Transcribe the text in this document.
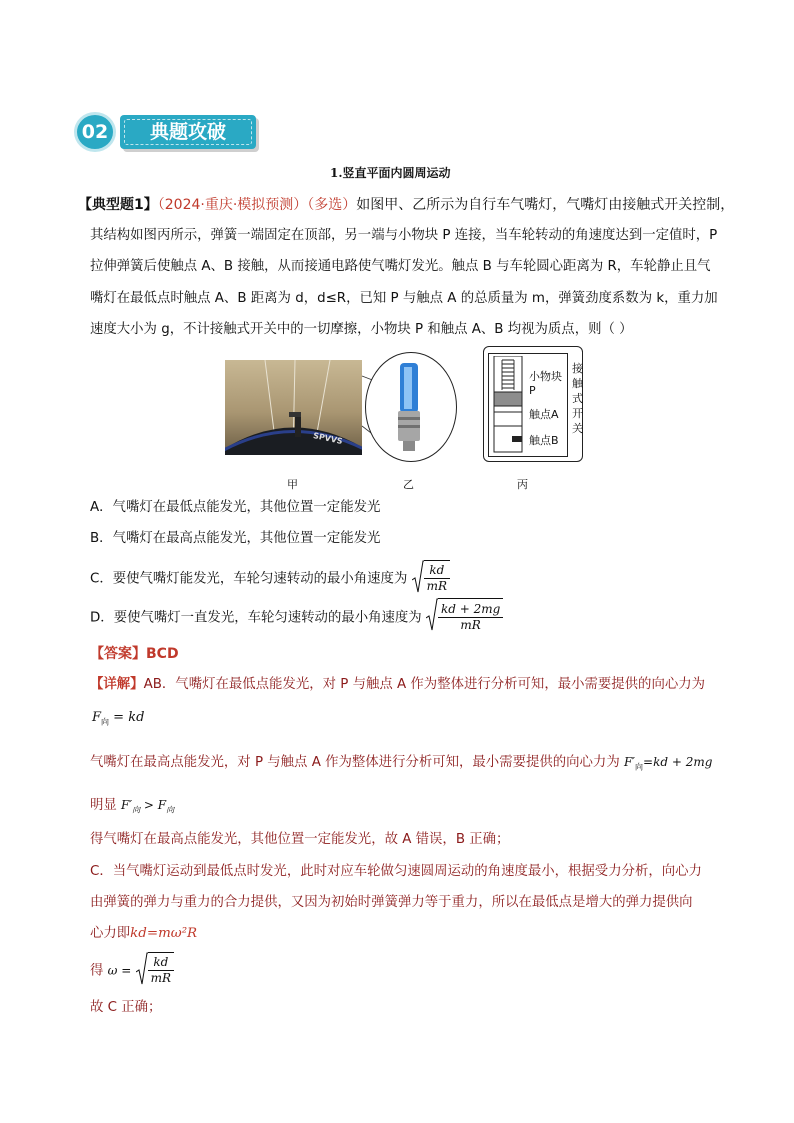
02	典题攻破
1.竖直平面内圆周运动
【典型题1】（2024·重庆·模拟预测）（多选）如图甲、乙所示为自行车气嘴灯，气嘴灯由接触式开关控制，
其结构如图丙所示，弹簧一端固定在顶部，另一端与小物块 P 连接，当车轮转动的角速度达到一定值时，P
拉伸弹簧后使触点 A、B 接触，从而接通电路使气嘴灯发光。触点 B 与车轮圆心距离为 R，车轮静止且气
嘴灯在最低点时触点 A、B 距离为 d，d≤R，已知 P 与触点 A 的总质量为 m，弹簧劲度系数为 k，重力加
速度大小为 g，不计接触式开关中的一切摩擦，小物块 P 和触点 A、B 均视为质点，则（ ）
SPVVS
小物块P
触点A
触点B
接
触
式
开
关
甲	乙	丙
A．气嘴灯在最低点能发光，其他位置一定能发光
B．气嘴灯在最高点能发光，其他位置一定能发光
C．要使气嘴灯能发光，车轮匀速转动的最小角速度为 $\frac{kd}{mR}$
D．要使气嘴灯一直发光，车轮匀速转动的最小角速度为 $\frac{kd + 2mg}{mR}$
【答案】BCD
【详解】AB．气嘴灯在最低点能发光，对 P 与触点 A 作为整体进行分析可知，最小需要提供的向心力为
$F_向$ = kd
气嘴灯在最高点能发光，对 P 与触点 A 作为整体进行分析可知，最小需要提供的向心力为 $F'_向=kd + 2mg$
明显 $F'_向 > F_向$
得气嘴灯在最高点能发光，其他位置一定能发光，故 A 错误，B 正确；
C．当气嘴灯运动到最低点时发光，此时对应车轮做匀速圆周运动的角速度最小，根据受力分析，向心力
由弹簧的弹力与重力的合力提供，又因为初始时弹簧弹力等于重力，所以在最低点是增大的弹力提供向
心力即kd=mω²R
得 $\omega = \frac{kd}{mR}$
故 C 正确；
